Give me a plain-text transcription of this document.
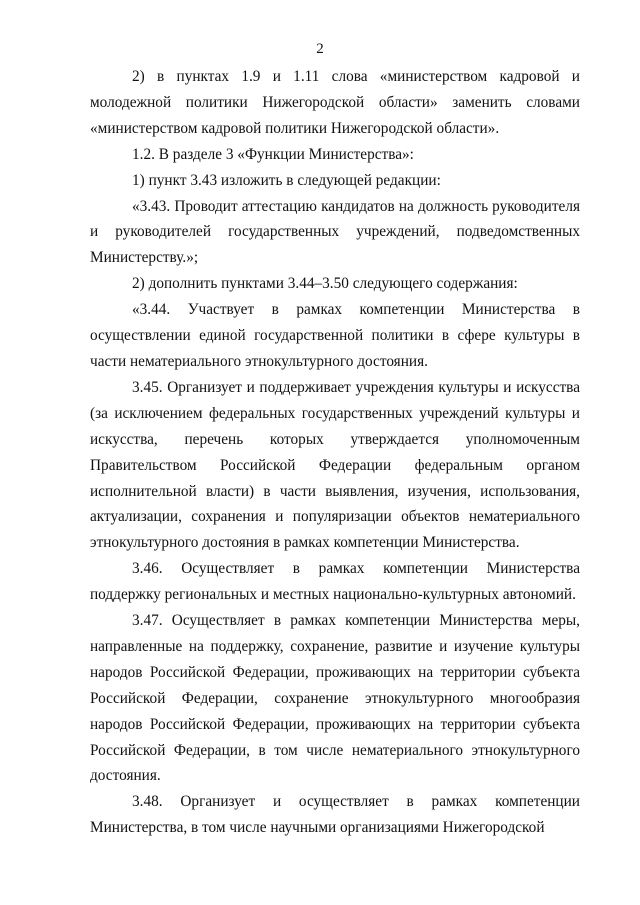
2

2) в пунктах 1.9 и 1.11 слова «министерством кадровой и молодежной политики Нижегородской области» заменить словами «министерством кадровой политики Нижегородской области».

1.2. В разделе 3 «Функции Министерства»:

1) пункт 3.43 изложить в следующей редакции:

«3.43. Проводит аттестацию кандидатов на должность руководителя и руководителей государственных учреждений, подведомственных Министерству.»;

2) дополнить пунктами 3.44–3.50 следующего содержания:

«3.44. Участвует в рамках компетенции Министерства в осуществлении единой государственной политики в сфере культуры в части нематериального этнокультурного достояния.

3.45. Организует и поддерживает учреждения культуры и искусства (за исключением федеральных государственных учреждений культуры и искусства, перечень которых утверждается уполномоченным Правительством Российской Федерации федеральным органом исполнительной власти) в части выявления, изучения, использования, актуализации, сохранения и популяризации объектов нематериального этнокультурного достояния в рамках компетенции Министерства.

3.46. Осуществляет в рамках компетенции Министерства поддержку региональных и местных национально-культурных автономий.

3.47. Осуществляет в рамках компетенции Министерства меры, направленные на поддержку, сохранение, развитие и изучение культуры народов Российской Федерации, проживающих на территории субъекта Российской Федерации, сохранение этнокультурного многообразия народов Российской Федерации, проживающих на территории субъекта Российской Федерации, в том числе нематериального этнокультурного достояния.

3.48. Организует и осуществляет в рамках компетенции Министерства, в том числе научными организациями Нижегородской
